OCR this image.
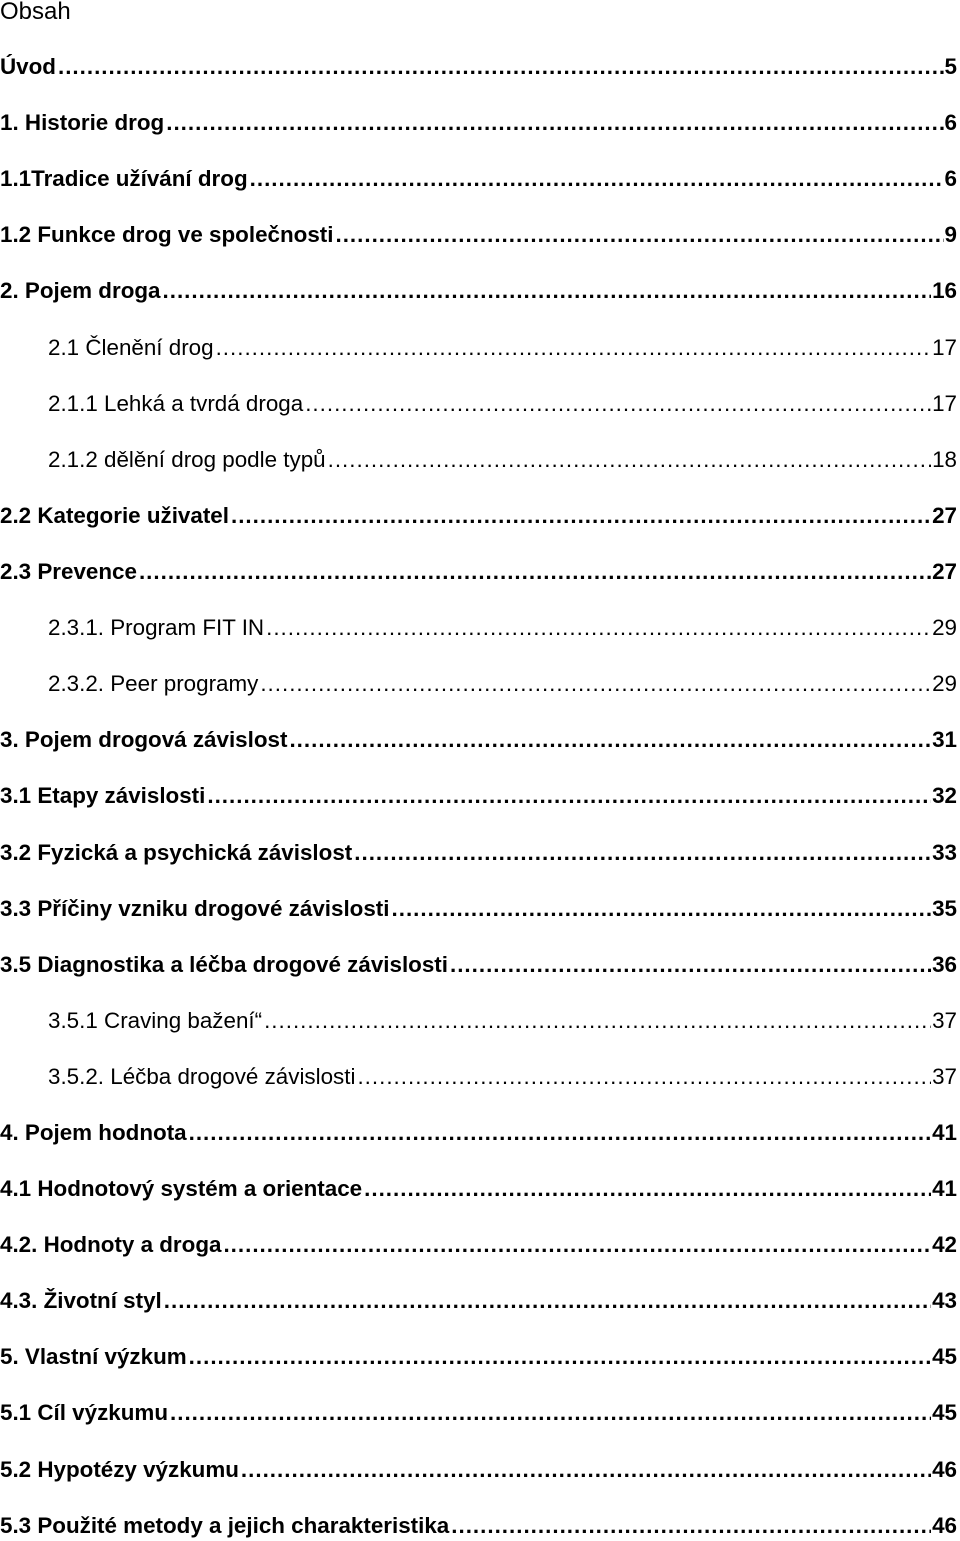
Obsah
Úvod .....	5
1. Historie drog .....	6
1.1Tradice užívání drog .....	6
1.2 Funkce drog ve společnosti .....	9
2. Pojem droga .....	16
2.1 Členění drog .....	17
2.1.1 Lehká a tvrdá droga .....	17
2.1.2 dělění drog podle typů .....	18
2.2 Kategorie uživatel .....	27
2.3 Prevence .....	27
2.3.1. Program FIT IN .....	29
2.3.2. Peer programy .....	29
3. Pojem drogová závislost .....	31
3.1 Etapy závislosti .....	32
3.2 Fyzická a psychická závislost .....	33
3.3 Příčiny vzniku drogové závislosti .....	35
3.5 Diagnostika a léčba drogové závislosti .....	36
3.5.1 Craving bažení“ .....	37
3.5.2. Léčba drogové závislosti .....	37
4. Pojem hodnota .....	41
4.1 Hodnotový systém a orientace .....	41
4.2. Hodnoty a droga .....	42
4.3. Životní styl .....	43
5. Vlastní výzkum .....	45
5.1 Cíl výzkumu .....	45
5.2 Hypotézy výzkumu .....	46
5.3 Použité metody a jejich charakteristika .....	46
